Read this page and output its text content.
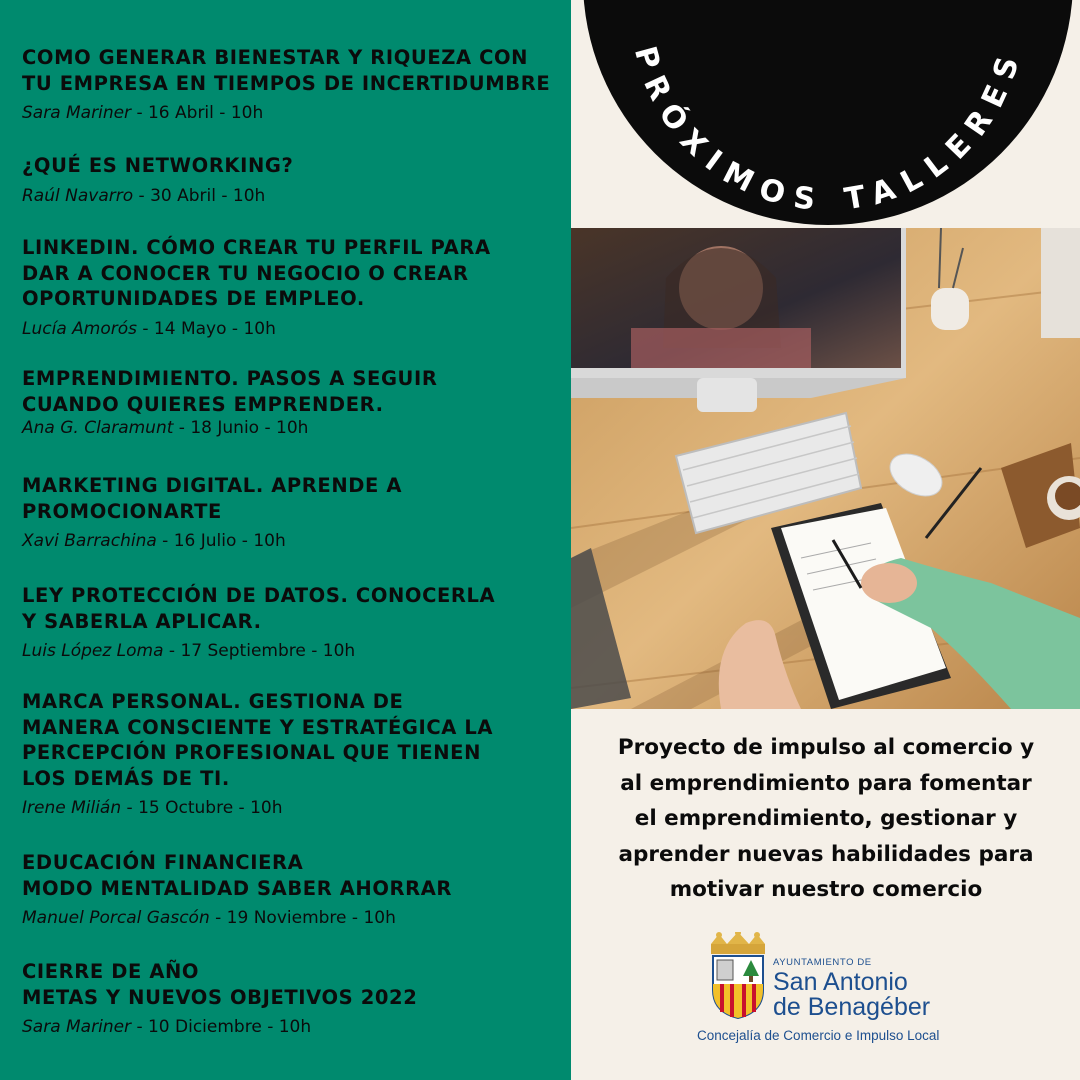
COMO GENERAR BIENESTAR Y RIQUEZA CON
TU EMPRESA EN TIEMPOS DE INCERTIDUMBRE

Sara Mariner - 16 Abril - 10h

¿QUÉ ES NETWORKING?

Raúl Navarro - 30 Abril - 10h

LINKEDIN. CÓMO CREAR TU PERFIL PARA
DAR A CONOCER TU NEGOCIO O CREAR
OPORTUNIDADES DE EMPLEO.

Lucía Amorós - 14 Mayo - 10h

EMPRENDIMIENTO. PASOS A SEGUIR
CUANDO QUIERES EMPRENDER.

Ana G. Claramunt - 18 Junio - 10h

MARKETING DIGITAL. APRENDE A
PROMOCIONARTE

Xavi Barrachina - 16 Julio - 10h

LEY PROTECCIÓN DE DATOS. CONOCERLA
Y SABERLA APLICAR.

Luis López Loma - 17 Septiembre - 10h

MARCA PERSONAL. GESTIONA DE
MANERA CONSCIENTE Y ESTRATÉGICA LA
PERCEPCIÓN PROFESIONAL QUE TIENEN
LOS DEMÁS DE TI.

Irene Milián - 15 Octubre - 10h

EDUCACIÓN FINANCIERA
MODO MENTALIDAD SABER AHORRAR

Manuel Porcal Gascón - 19 Noviembre - 10h

CIERRE DE AÑO
METAS Y NUEVOS OBJETIVOS 2022

Sara Mariner - 10 Diciembre - 10h
PRÓXIMOS TALLERES
Proyecto de impulso al comercio y
al emprendimiento para fomentar
el emprendimiento, gestionar y
aprender nuevas habilidades para
motivar nuestro comercio
AYUNTAMIENTO DE
San Antonio
de Benagéber
Concejalía de Comercio e Impulso Local
